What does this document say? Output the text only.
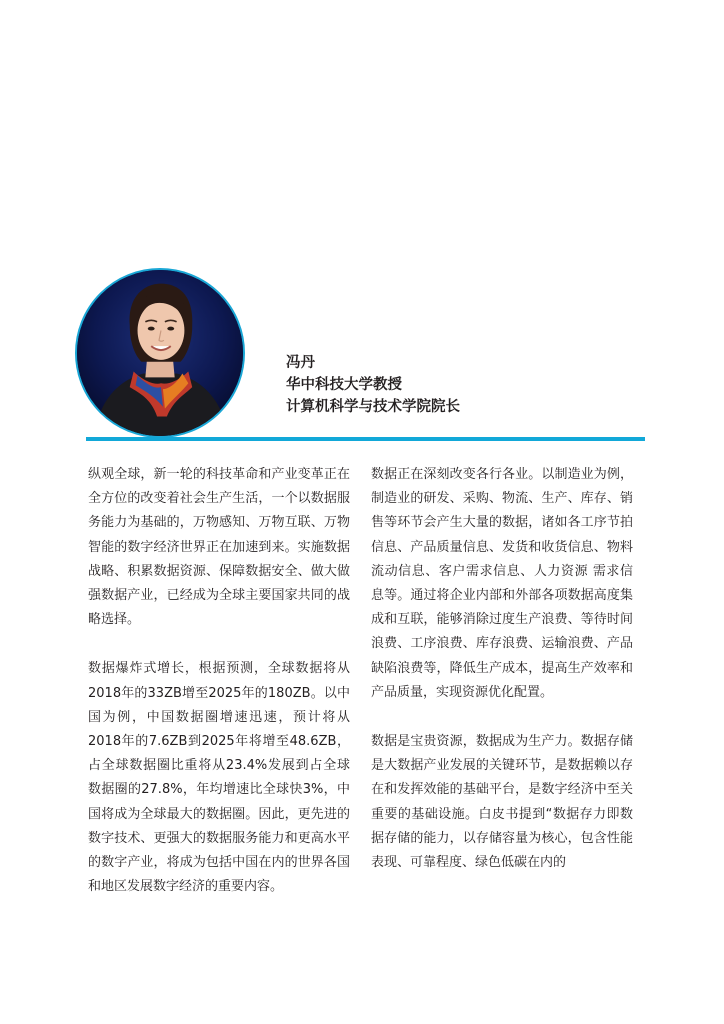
冯丹
华中科技大学教授
计算机科学与技术学院院长

纵观全球，新一轮的科技革命和产业变革正在全方位的改变着社会生产生活，一个以数据服务能力为基础的，万物感知、万物互联、万物智能的数字经济世界正在加速到来。实施数据战略、积累数据资源、保障数据安全、做大做强数据产业，已经成为全球主要国家共同的战略选择。

数据爆炸式增长，根据预测，全球数据将从2018年的33ZB增至2025年的180ZB。以中国为例，中国数据圈增速迅速，预计将从2018年的7.6ZB到2025年将增至48.6ZB，占全球数据圈比重将从23.4%发展到占全球数据圈的27.8%，年均增速比全球快3%，中国将成为全球最大的数据圈。因此，更先进的数字技术、更强大的数据服务能力和更高水平的数字产业，将成为包括中国在内的世界各国和地区发展数字经济的重要内容。

数据正在深刻改变各行各业。以制造业为例，制造业的研发、采购、物流、生产、库存、销售等环节会产生大量的数据，诸如各工序节拍信息、产品质量信息、发货和收货信息、物料流动信息、客户需求信息、人力资源 需求信息等。通过将企业内部和外部各项数据高度集成和互联，能够消除过度生产浪费、等待时间浪费、工序浪费、库存浪费、运输浪费、产品缺陷浪费等，降低生产成本，提高生产效率和产品质量，实现资源优化配置。

数据是宝贵资源，数据成为生产力。数据存储是大数据产业发展的关键环节，是数据赖以存在和发挥效能的基础平台，是数字经济中至关重要的基础设施。白皮书提到“数据存力即数据存储的能力，以存储容量为核心，包含性能表现、可靠程度、绿色低碳在内的
